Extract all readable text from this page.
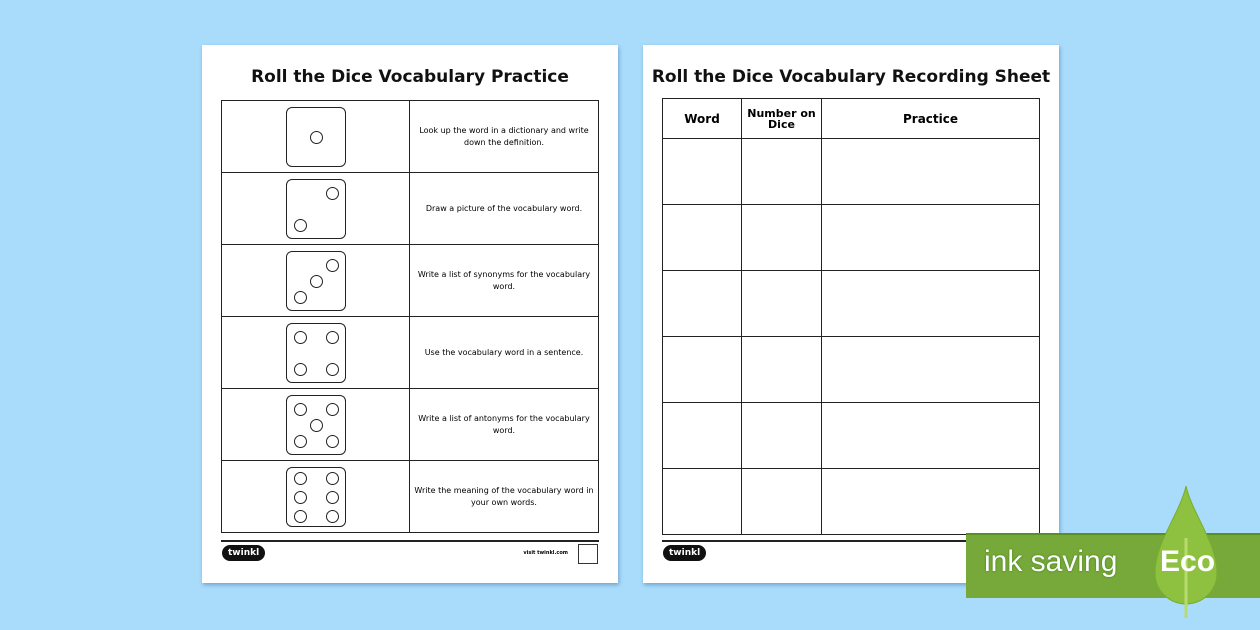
Roll the Dice Vocabulary Practice
	Look up the word in a dictionary and write down the definition.

	Draw a picture of the vocabulary word.

	Write a list of synonyms for the vocabulary word.

	Use the vocabulary word in a sentence.

	Write a list of antonyms for the vocabulary word.

	Write the meaning of the vocabulary word in your own words.
twinkl	visit twinkl.com
Roll the Dice Vocabulary Recording Sheet
Word	Number on Dice	Practice

twinkl	ink saving Eco
